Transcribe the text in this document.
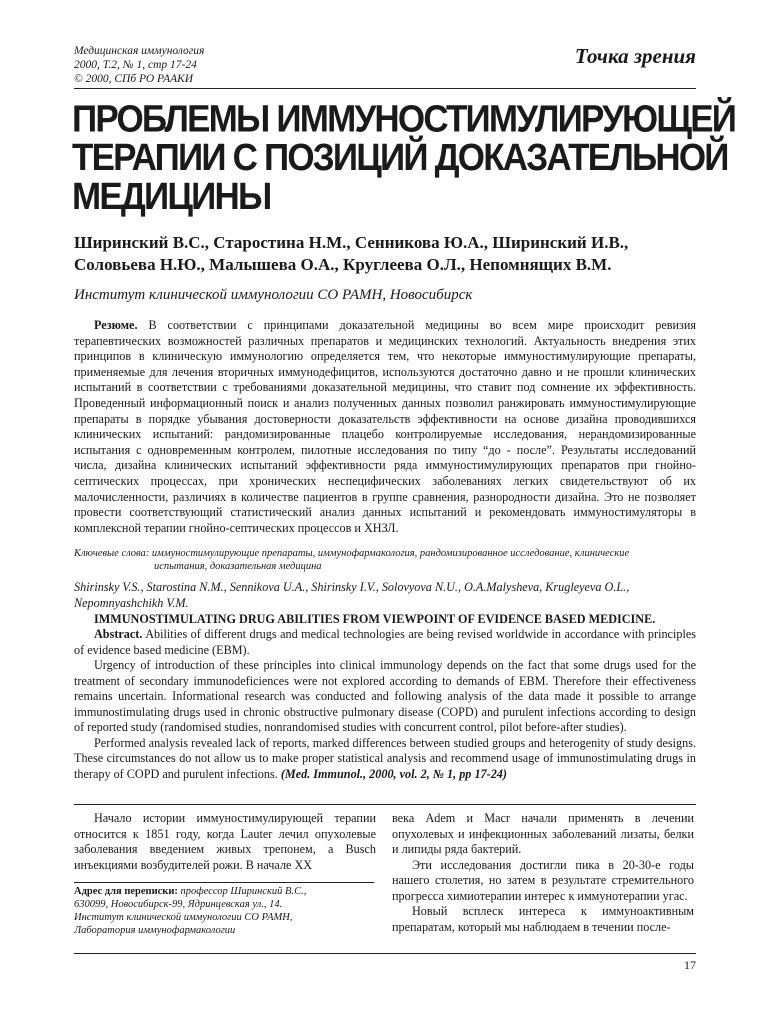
Медицинская иммунология
2000, Т.2, № 1, стр 17-24
© 2000, СПб РО РААКИ
Точка зрения
ПРОБЛЕМЫ ИММУНОСТИМУЛИРУЮЩЕЙ
ТЕРАПИИ С ПОЗИЦИЙ ДОКАЗАТЕЛЬНОЙ
МЕДИЦИНЫ
Ширинский В.С., Старостина Н.М., Сенникова Ю.А., Ширинский И.В.,
Соловьева Н.Ю., Малышева О.А., Круглеева О.Л., Непомнящих В.М.
Институт клинической иммунологии СО РАМН, Новосибирск
Резюме. В соответствии с принципами доказательной медицины во всем мире происходит ревизия терапевтических возможностей различных препаратов и медицинских технологий. Актуальность внедрения этих принципов в клиническую иммунологию определяется тем, что некоторые иммуностимулирующие препараты, применяемые для лечения вторичных иммунодефицитов, используются достаточно давно и не прошли клинических испытаний в соответствии с требованиями доказательной медицины, что ставит под сомнение их эффективность. Проведенный информационный поиск и анализ полученных данных позволил ранжировать иммуностимулирующие препараты в порядке убывания достоверности доказательств эффективности на основе дизайна проводившихся клинических испытаний: рандомизированные плацебо контролируемые исследования, нерандомизированные испытания с одновременным контролем, пилотные исследования по типу “до - после”. Результаты исследований числа, дизайна клинических испытаний эффективности ряда иммуностимулирующих препаратов при гнойно-септических процессах, при хронических неспецифических заболеваниях легких свидетельствуют об их малочисленности, различиях в количестве пациентов в группе сравнения, разнородности дизайна. Это не позволяет провести соответствующий статистический анализ данных испытаний и рекомендовать иммуностимуляторы в комплексной терапии гнойно-септических процессов и ХНЗЛ.
Ключевые слова: иммуностимулирующие препараты, иммунофармакология, рандомизированное исследование, клинические
испытания, доказательная медицина
Shirinsky V.S., Starostina N.M., Sennikova U.A., Shirinsky I.V., Solovyova N.U., O.A.Malysheva, Kruglеyeva O.L., Nepomnyashchikh V.M.
IMMUNOSTIMULATING DRUG ABILITIES FROM VIEWPOINT OF EVIDENCE BASED MEDICINE.

Abstract. Abilities of different drugs and medical technologies are being revised worldwide in accordance with principles of evidence based medicine (EBM).

Urgency of introduction of these principles into clinical immunology depends on the fact that some drugs used for the treatment of secondary immunodeficiences were not explored according to demands of EBM. Therefore their effectiveness remains uncertain. Informational research was conducted and following analysis of the data made it possible to arrange immunostimulating drugs used in chronic obstructive pulmonary disease (COPD) and purulent infections according to design of reported study (randomised studies, nonrandomised studies with concurrent control, pilot before-after studies).

Performed analysis revealed lack of reports, marked differences between studied groups and heterogenity of study designs. These circumstances do not allow us to make proper statistical analysis and recommend usage of immunostimulating drugs in therapy of COPD and purulent infections. (Med. Immunol., 2000, vol. 2, № 1, pp 17-24)

Начало истории иммуностимулирующей терапии относится к 1851 году, когда Lauter лечил опухолевые заболевания введением живых трепонем, а Busch инъекциями возбудителей рожи. В начале XX

века Adem и Macr начали применять в лечении опухолевых и инфекционных заболеваний лизаты, белки и липиды ряда бактерий.

Эти исследования достигли пика в 20-30-е годы нашего столетия, но затем в результате стремительного прогресса химиотерапии интерес к иммунотерапии угас.

Новый всплеск интереса к иммуноактивным препаратам, который мы наблюдаем в течении после-

Адрес для переписки: профессор Ширинский В.С.,
630099, Новосибирск-99, Ядринцевская ул., 14.
Институт клинической иммунологии СО РАМН,
Лаборатория иммунофармакологии
17
